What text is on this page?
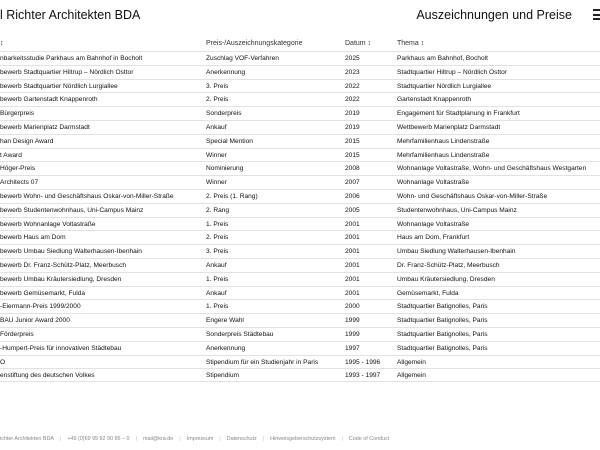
l Richter Architekten BDA	Auszeichnungen und Preise
↕	Preis-/Auszeichnungskategorie	Datum ↕	Thema ↕
nbarkeitsstudie Parkhaus am Bahnhof in Bocholt	Zuschlag VOF-Verfahren	2025	Parkhaus am Bahnhof, Bocholt
bewerb Stadtquartier Hiltrup – Nördlich Osttor	Anerkennung	2023	Stadtquartier Hiltrup – Nördlich Osttor
bewerb Stadtquartier Nördlich Lurgiallee	3. Preis	2022	Stadtquartier Nördlich Lurgiallee
bewerb Gartenstadt Knappenroth	2. Preis	2022	Gartenstadt Knappenroth
Bürgerpreis	Sonderpreis	2019	Engagement für Stadtplanung in Frankfurt
bewerb Marienplatz Darmstadt	Ankauf	2019	Wettbewerb Marienplatz Darmstadt
han Design Award	Special Mention	2015	Mehrfamilienhaus Lindenstraße
t Award	Winner	2015	Mehrfamilienhaus Lindenstraße
Höger-Preis	Nominierung	2008	Wohnanlage Voltastraße, Wohn- und Geschäftshaus Westgarten
Architects 07	Winner	2007	Wohnanlage Voltastraße
bewerb Wohn- und Geschäftshaus Oskar-von-Miller-Straße	2. Preis (1. Rang)	2006	Wohn- und Geschäftshaus Oskar-von-Miller-Straße
bewerb Studentenwohnhaus, Uni-Campus Mainz	2. Rang	2005	Studentenwohnhaus, Uni-Campus Mainz
bewerb Wohnanlage Voltastraße	1. Preis	2001	Wohnanlage Voltastraße
bewerb Haus am Dom	2. Preis	2001	Haus am Dom, Frankfurt
bewerb Umbau Siedlung Walterhausen-Ibenhain	3. Preis	2001	Umbau Siedlung Walterhausen-Ibenhain
bewerb Dr. Franz-Schütz-Platz, Meerbusch	Ankauf	2001	Dr. Franz-Schütz-Platz, Meerbusch
bewerb Umbau Kräutersiedlung, Dresden	1. Preis	2001	Umbau Kräutersiedlung, Dresden
bewerb Gemüsemarkt, Fulda	Ankauf	2001	Gemüsemarkt, Fulda
-Eiermann-Preis 1999/2000	1. Preis	2000	Stadtquartier Batignolles, Paris
BAU Junior Award 2000	Engere Wahl	1999	Stadtquartier Batignolles, Paris
Förderpreis	Sonderpreis Städtebau	1999	Stadtquartier Batignolles, Paris
-Humpert-Preis für innovativen Städtebau	Anerkennung	1997	Stadtquartier Batignolles, Paris
O	Stipendium für ein Studienjahr in Paris	1995 - 1996	Allgemein
enstiftung des deutschen Volkes	Stipendium	1993 - 1997	Allgemein
ichter Architekten BDA | +49 (0)69 95 92 90 95 – 0 | mail@kra.de | Impressum | Datenschutz | Hinweisgeberschutzsystem | Code of Conduct
